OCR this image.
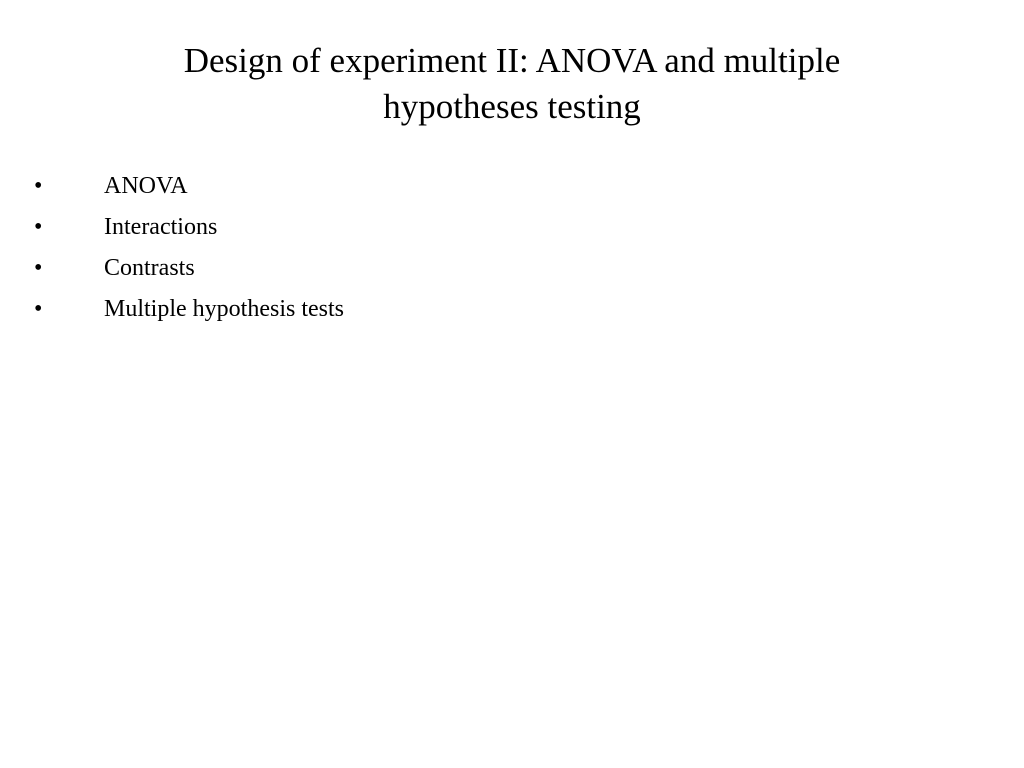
Design of experiment II: ANOVA and multiple
hypotheses testing
•	ANOVA
•	Interactions
•	Contrasts
•	Multiple hypothesis tests
